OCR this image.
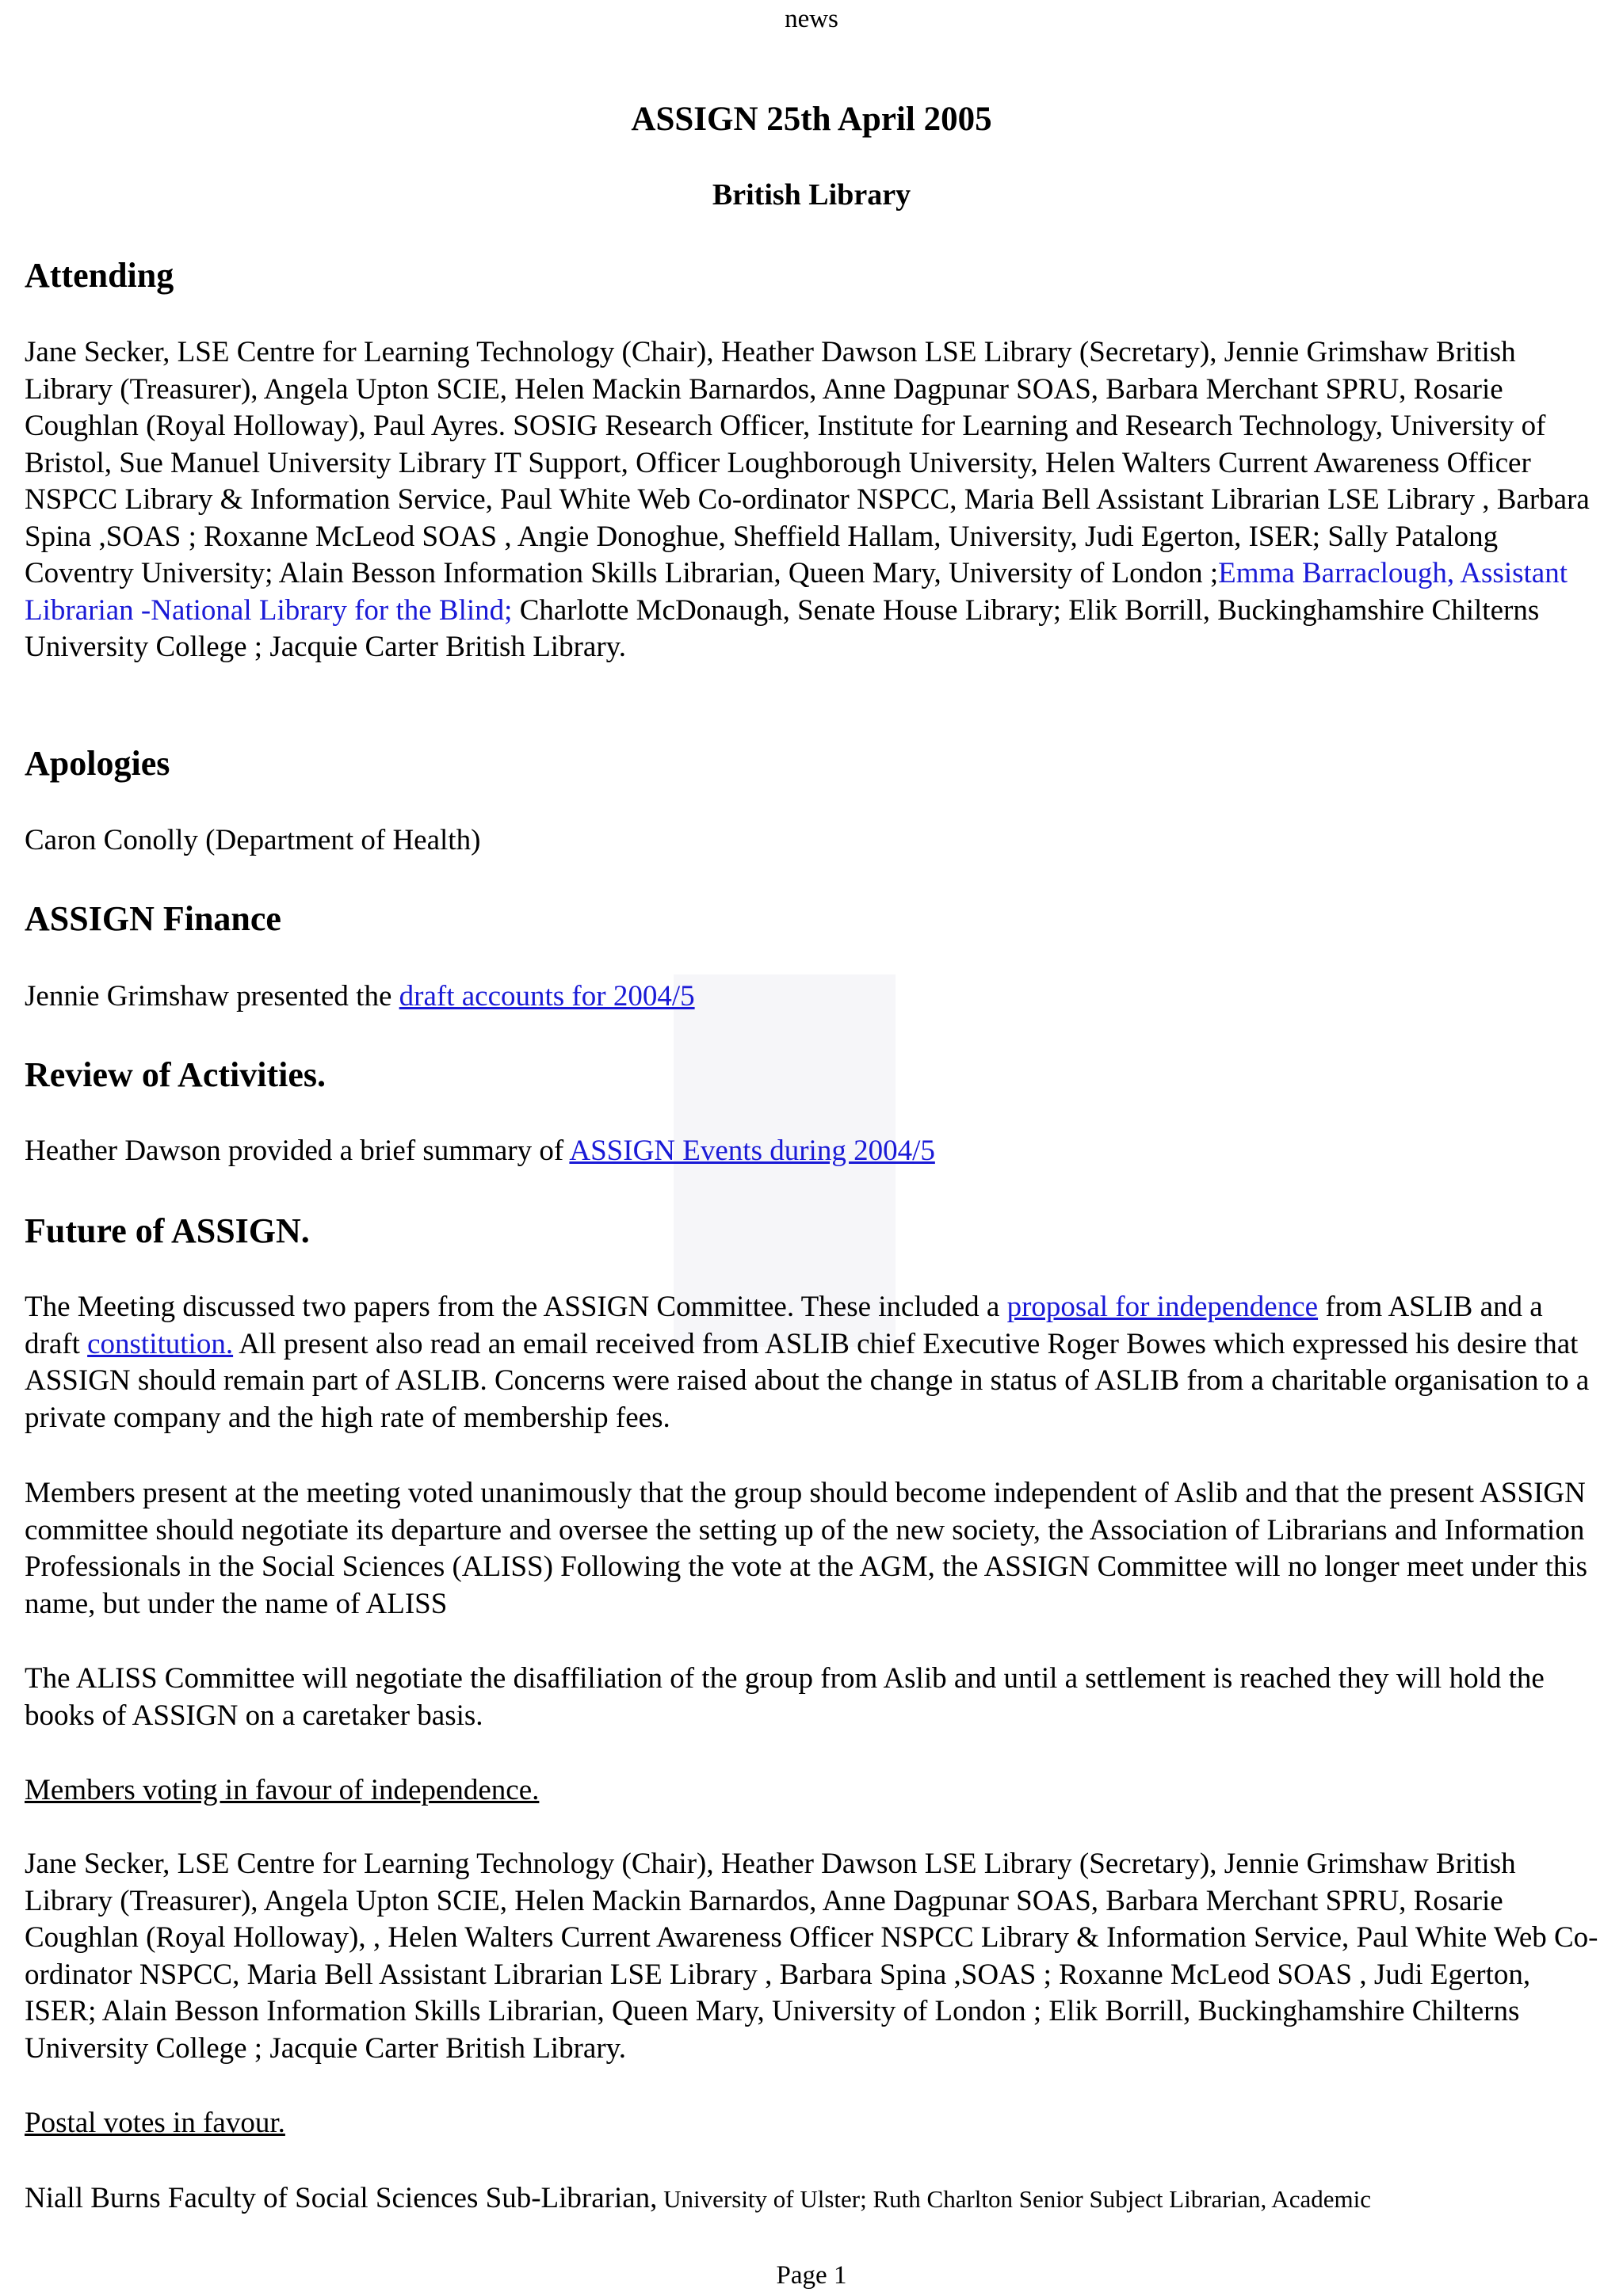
news
ASSIGN 25th April 2005
British Library
Attending

Jane Secker, LSE Centre for Learning Technology (Chair), Heather Dawson LSE Library (Secretary), Jennie Grimshaw British Library (Treasurer), Angela Upton SCIE, Helen Mackin Barnardos, Anne Dagpunar SOAS, Barbara Merchant SPRU, Rosarie Coughlan (Royal Holloway), Paul Ayres. SOSIG Research Officer, Institute for Learning and Research Technology, University of Bristol, Sue Manuel University Library IT Support, Officer Loughborough University, Helen Walters Current Awareness Officer NSPCC Library & Information Service, Paul White Web Co-ordinator NSPCC, Maria Bell Assistant Librarian LSE Library , Barbara Spina ,SOAS ; Roxanne McLeod SOAS , Angie Donoghue, Sheffield Hallam, University, Judi Egerton, ISER; Sally Patalong Coventry University; Alain Besson Information Skills Librarian, Queen Mary, University of London ;Emma Barraclough, Assistant Librarian -National Library for the Blind; Charlotte McDonaugh, Senate House Library; Elik Borrill, Buckinghamshire Chilterns University College ; Jacquie Carter British Library.

Apologies

Caron Conolly (Department of Health)

ASSIGN Finance

Jennie Grimshaw presented the draft accounts for 2004/5

Review of Activities.

Heather Dawson provided a brief summary of ASSIGN Events during 2004/5

Future of ASSIGN.

The Meeting discussed two papers from the ASSIGN Committee. These included a proposal for independence from ASLIB and a draft constitution. All present also read an email received from ASLIB chief Executive Roger Bowes which expressed his desire that ASSIGN should remain part of ASLIB. Concerns were raised about the change in status of ASLIB from a charitable organisation to a private company and the high rate of membership fees.

Members present at the meeting voted unanimously that the group should become independent of Aslib and that the present ASSIGN committee should negotiate its departure and oversee the setting up of the new society, the Association of Librarians and Information Professionals in the Social Sciences (ALISS) Following the vote at the AGM, the ASSIGN Committee will no longer meet under this name, but under the name of ALISS

The ALISS Committee will negotiate the disaffiliation of the group from Aslib and until a settlement is reached they will hold the books of ASSIGN on a caretaker basis.

Members voting in favour of independence.

Jane Secker, LSE Centre for Learning Technology (Chair), Heather Dawson LSE Library (Secretary), Jennie Grimshaw British Library (Treasurer), Angela Upton SCIE, Helen Mackin Barnardos, Anne Dagpunar SOAS, Barbara Merchant SPRU, Rosarie Coughlan (Royal Holloway), , Helen Walters Current Awareness Officer NSPCC Library & Information Service, Paul White Web Co-ordinator NSPCC, Maria Bell Assistant Librarian LSE Library , Barbara Spina ,SOAS ; Roxanne McLeod SOAS , Judi Egerton, ISER; Alain Besson Information Skills Librarian, Queen Mary, University of London ; Elik Borrill, Buckinghamshire Chilterns University College ; Jacquie Carter British Library.

Postal votes in favour.

Niall Burns Faculty of Social Sciences Sub-Librarian, University of Ulster; Ruth Charlton Senior Subject Librarian, Academic

Page 1
